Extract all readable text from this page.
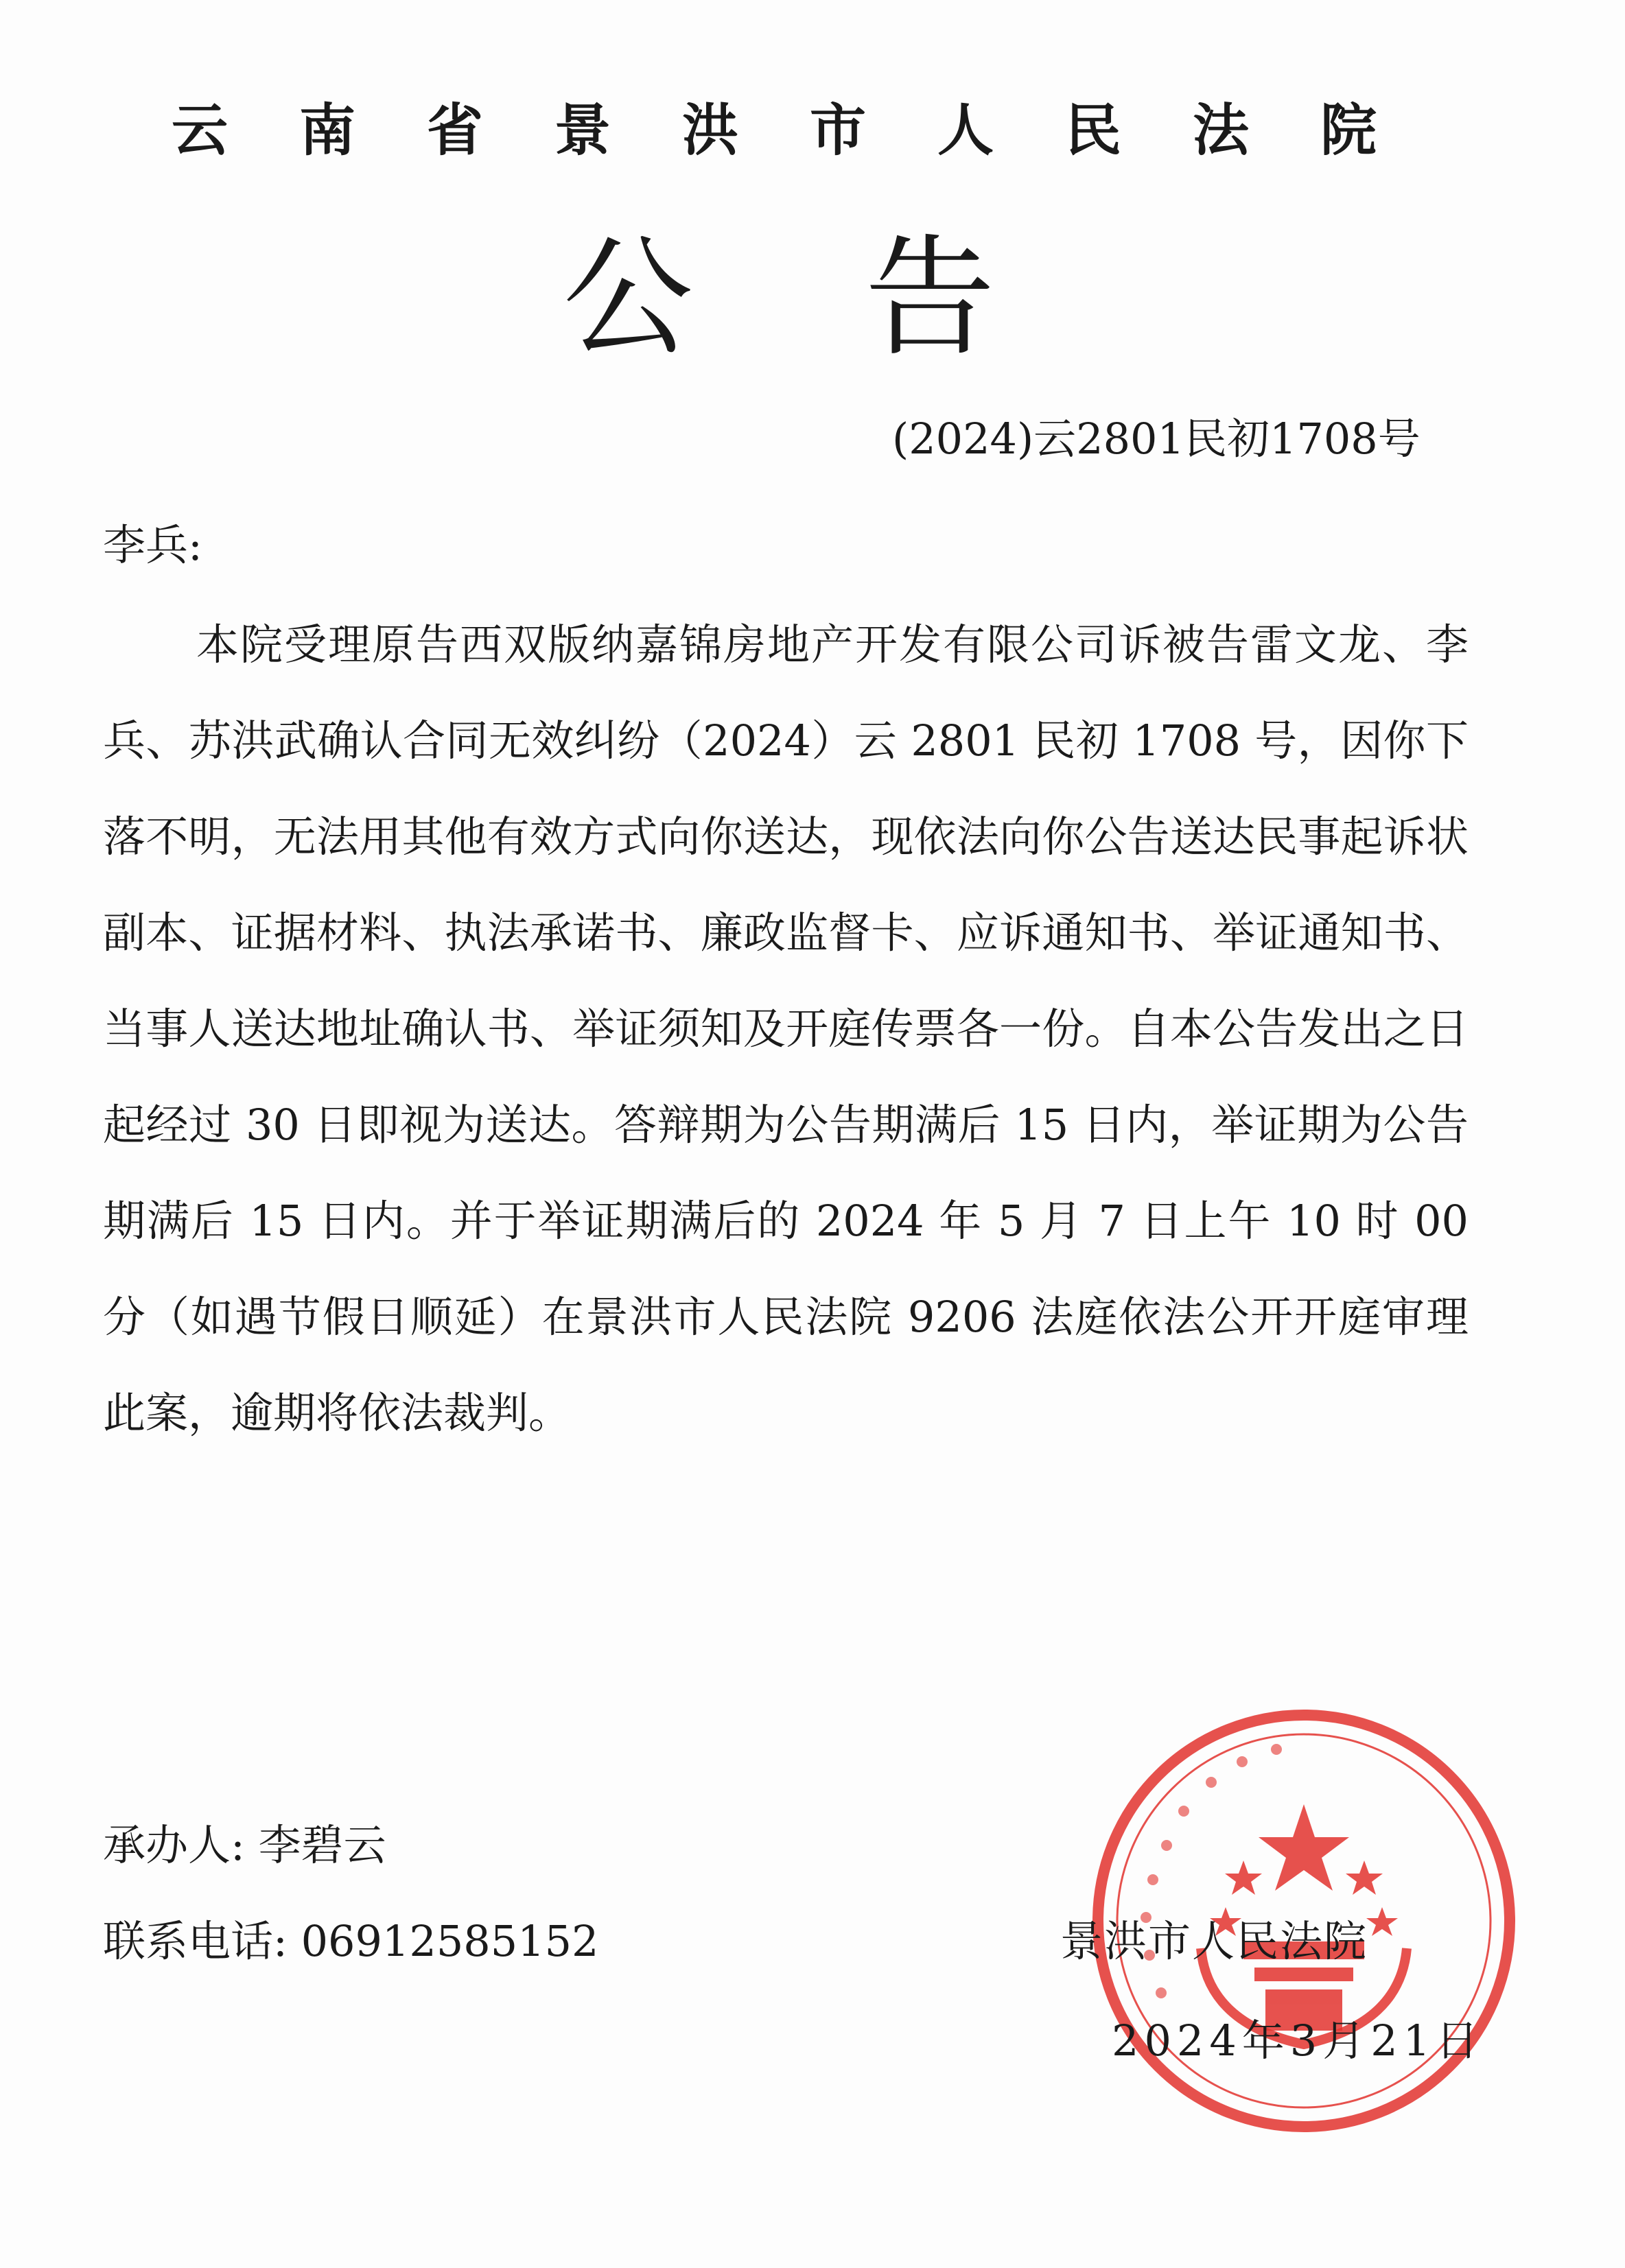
云南省景洪市人民法院
公告
(2024)云2801民初1708号
李兵:
本院受理原告西双版纳嘉锦房地产开发有限公司诉被告雷文龙、李兵、苏洪武确认合同无效纠纷（2024）云 2801 民初 1708 号，因你下落不明，无法用其他有效方式向你送达，现依法向你公告送达民事起诉状副本、证据材料、执法承诺书、廉政监督卡、应诉通知书、举证通知书、当事人送达地址确认书、举证须知及开庭传票各一份。自本公告发出之日起经过 30 日即视为送达。答辩期为公告期满后 15 日内，举证期为公告期满后 15 日内。并于举证期满后的 2024 年 5 月 7 日上午 10 时 00 分（如遇节假日顺延）在景洪市人民法院 9206 法庭依法公开开庭审理此案，逾期将依法裁判。
承办人: 李碧云
联系电话: 06912585152	景洪市人民法院
2024年3月21日
